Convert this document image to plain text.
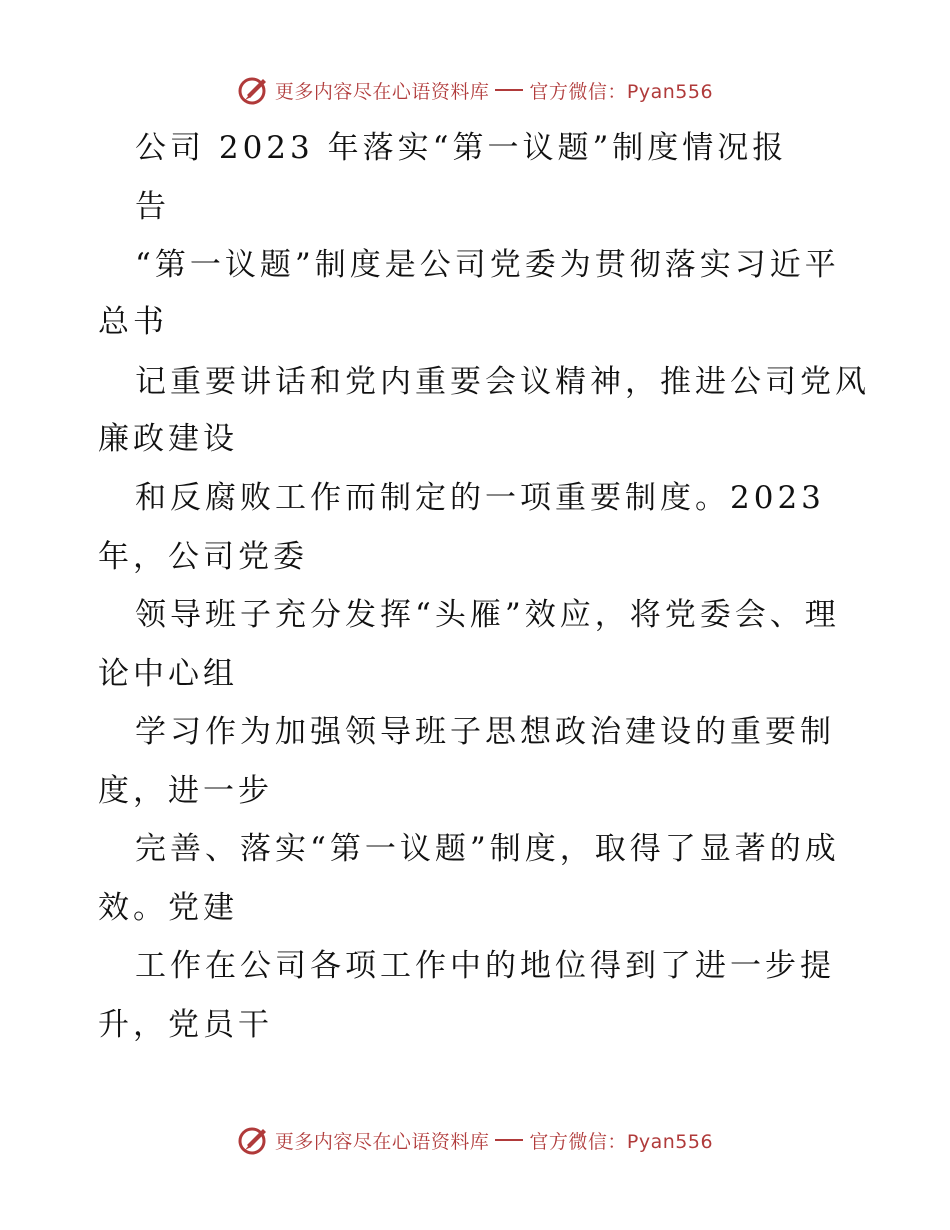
更多内容尽在心语资料库 官方微信：Pyan556
公司 2023 年落实“第一议题”制度情况报
告
“第一议题”制度是公司党委为贯彻落实习近平
总书
记重要讲话和党内重要会议精神，推进公司党风
廉政建设
和反腐败工作而制定的一项重要制度。2023
年，公司党委
领导班子充分发挥“头雁”效应，将党委会、理
论中心组
学习作为加强领导班子思想政治建设的重要制
度，进一步
完善、落实“第一议题”制度，取得了显著的成
效。党建
工作在公司各项工作中的地位得到了进一步提
升，党员干
更多内容尽在心语资料库 官方微信：Pyan556
